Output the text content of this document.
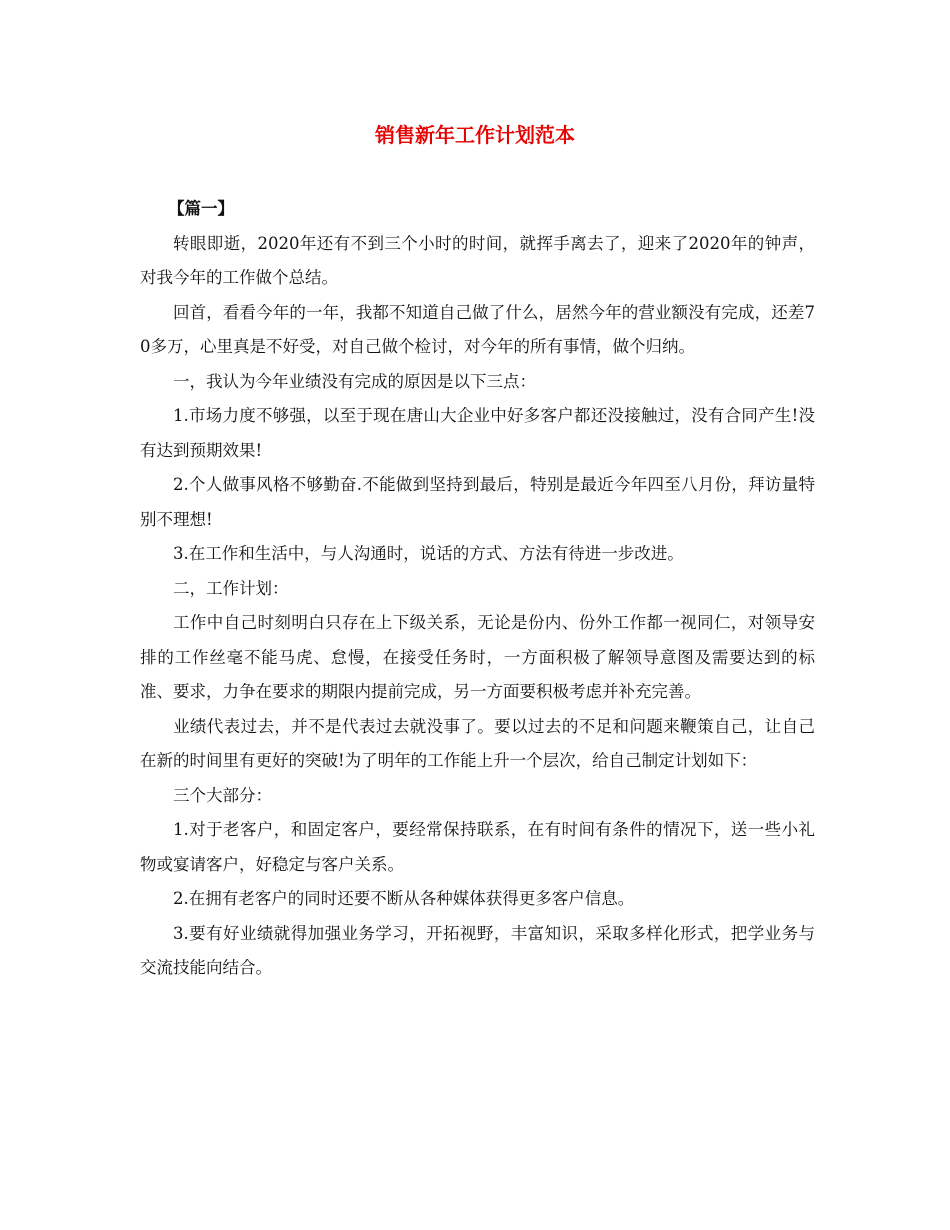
销售新年工作计划范本

【篇一】

转眼即逝，2020年还有不到三个小时的时间，就挥手离去了，迎来了2020年的钟声，对我今年的工作做个总结。

回首，看看今年的一年，我都不知道自己做了什么，居然今年的营业额没有完成，还差70多万，心里真是不好受，对自己做个检讨，对今年的所有事情，做个归纳。

一，我认为今年业绩没有完成的原因是以下三点：

1.市场力度不够强，以至于现在唐山大企业中好多客户都还没接触过，没有合同产生!没有达到预期效果!

2.个人做事风格不够勤奋.不能做到坚持到最后，特别是最近今年四至八月份，拜访量特别不理想!

3.在工作和生活中，与人沟通时，说话的方式、方法有待进一步改进。

二，工作计划：

工作中自己时刻明白只存在上下级关系，无论是份内、份外工作都一视同仁，对领导安排的工作丝毫不能马虎、怠慢，在接受任务时，一方面积极了解领导意图及需要达到的标准、要求，力争在要求的期限内提前完成，另一方面要积极考虑并补充完善。

业绩代表过去，并不是代表过去就没事了。要以过去的不足和问题来鞭策自己，让自己在新的时间里有更好的突破!为了明年的工作能上升一个层次，给自己制定计划如下：

三个大部分：

1.对于老客户，和固定客户，要经常保持联系，在有时间有条件的情况下，送一些小礼物或宴请客户，好稳定与客户关系。

2.在拥有老客户的同时还要不断从各种媒体获得更多客户信息。

3.要有好业绩就得加强业务学习，开拓视野，丰富知识，采取多样化形式，把学业务与交流技能向结合。
